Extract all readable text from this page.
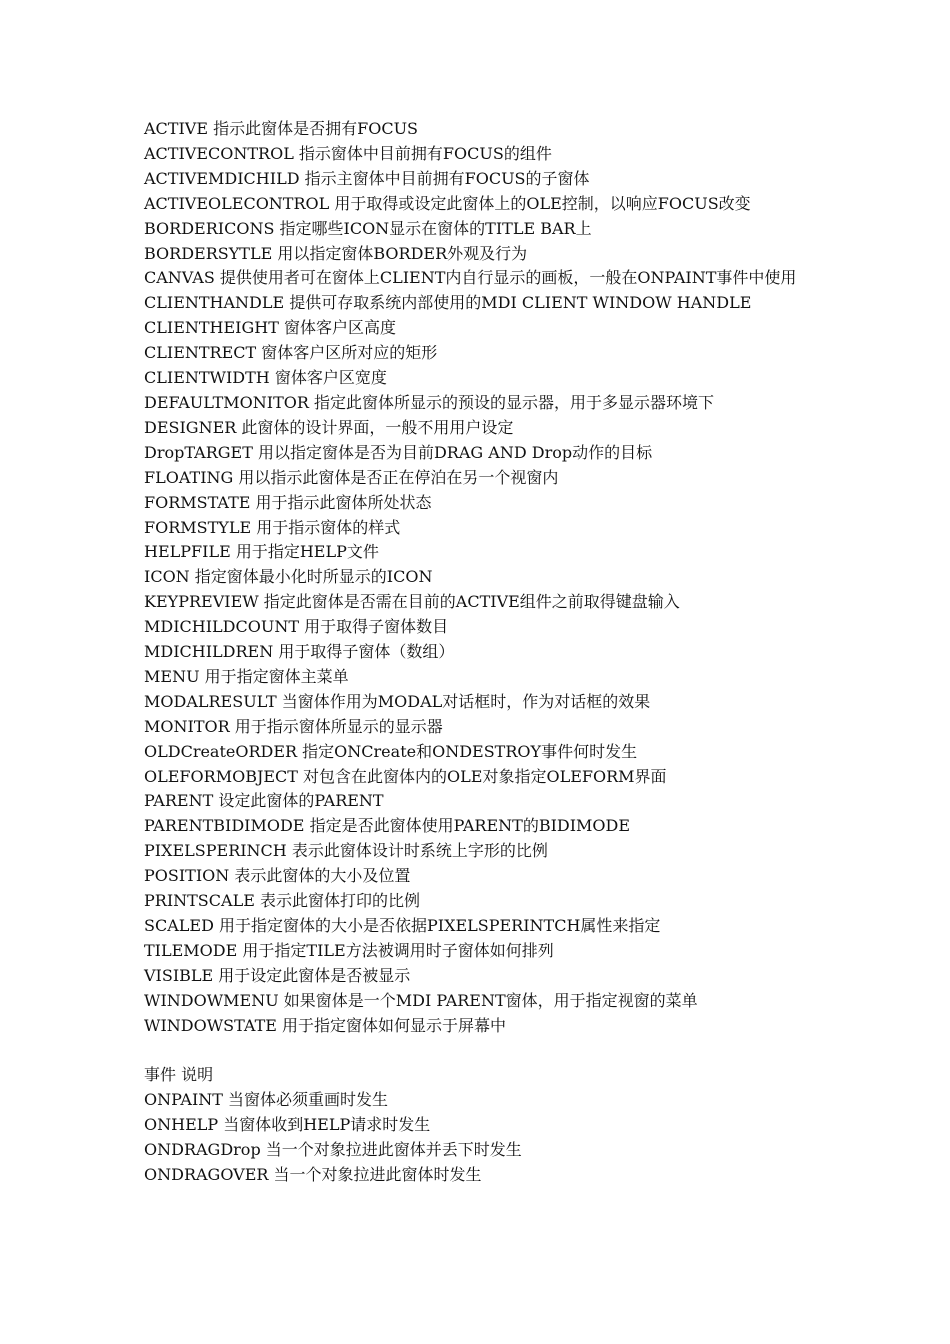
ACTIVE 指示此窗体是否拥有FOCUS
ACTIVECONTROL 指示窗体中目前拥有FOCUS的组件
ACTIVEMDICHILD 指示主窗体中目前拥有FOCUS的子窗体
ACTIVEOLECONTROL 用于取得或设定此窗体上的OLE控制，以响应FOCUS改变
BORDERICONS 指定哪些ICON显示在窗体的TITLE BAR上
BORDERSYTLE 用以指定窗体BORDER外观及行为
CANVAS 提供使用者可在窗体上CLIENT内自行显示的画板，一般在ONPAINT事件中使用
CLIENTHANDLE 提供可存取系统内部使用的MDI CLIENT WINDOW HANDLE
CLIENTHEIGHT 窗体客户区高度
CLIENTRECT 窗体客户区所对应的矩形
CLIENTWIDTH 窗体客户区宽度
DEFAULTMONITOR 指定此窗体所显示的预设的显示器，用于多显示器环境下
DESIGNER 此窗体的设计界面，一般不用用户设定
DropTARGET 用以指定窗体是否为目前DRAG AND Drop动作的目标
FLOATING 用以指示此窗体是否正在停泊在另一个视窗内
FORMSTATE 用于指示此窗体所处状态
FORMSTYLE 用于指示窗体的样式
HELPFILE 用于指定HELP文件
ICON 指定窗体最小化时所显示的ICON
KEYPREVIEW 指定此窗体是否需在目前的ACTIVE组件之前取得键盘输入
MDICHILDCOUNT 用于取得子窗体数目
MDICHILDREN 用于取得子窗体（数组）
MENU 用于指定窗体主菜单
MODALRESULT 当窗体作用为MODAL对话框时，作为对话框的效果
MONITOR 用于指示窗体所显示的显示器
OLDCreateORDER 指定ONCreate和ONDESTROY事件何时发生
OLEFORMOBJECT 对包含在此窗体内的OLE对象指定OLEFORM界面
PARENT 设定此窗体的PARENT
PARENTBIDIMODE 指定是否此窗体使用PARENT的BIDIMODE
PIXELSPERINCH 表示此窗体设计时系统上字形的比例
POSITION 表示此窗体的大小及位置
PRINTSCALE 表示此窗体打印的比例
SCALED 用于指定窗体的大小是否依据PIXELSPERINTCH属性来指定
TILEMODE 用于指定TILE方法被调用时子窗体如何排列
VISIBLE 用于设定此窗体是否被显示
WINDOWMENU 如果窗体是一个MDI PARENT窗体，用于指定视窗的菜单
WINDOWSTATE 用于指定窗体如何显示于屏幕中
事件 说明
ONPAINT 当窗体必须重画时发生
ONHELP 当窗体收到HELP请求时发生
ONDRAGDrop 当一个对象拉进此窗体并丢下时发生
ONDRAGOVER 当一个对象拉进此窗体时发生
